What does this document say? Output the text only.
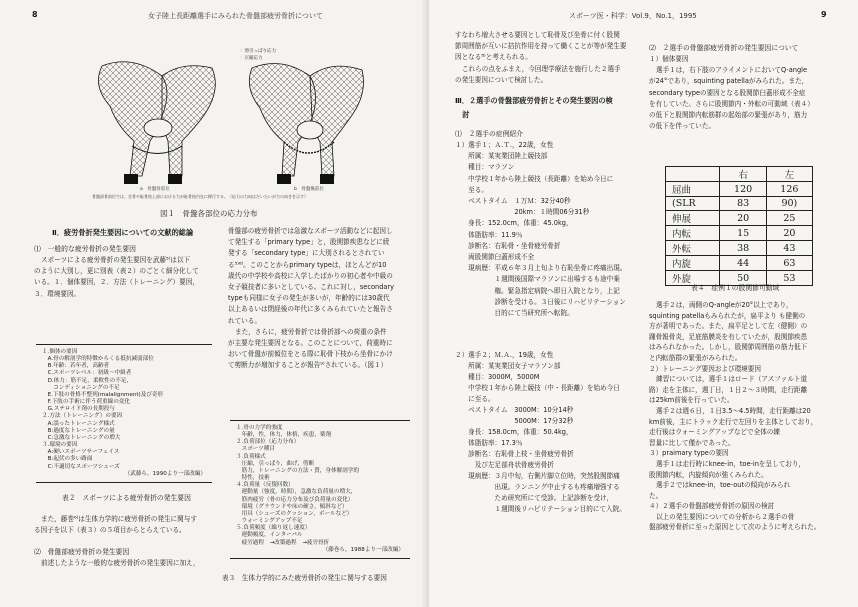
8	女子陸上長距離選手にみられた骨盤部疲労骨折について
：剪引っぱり応力
：圧縮応力
a　骨盤骨前位	b　骨盤後前位
骨盤部骨前位では、坐骨や恥骨枝上部における力が恥骨枝内在に移行する。（応力の力向はだいたいが力の向きを示す）
図１　骨盤各部位の応力分布
Ⅱ．疲労骨折発生要因についての文献的総論
⑴　一般的な疲労骨折の発生要因

スポーツによる疲労骨折の発生要因を武藤⁵⁾は以下

のように大別し，更に別表（表２）のごとく細分化して

いる。１．個体要因，２．方法（トレーニング）要因，

３．環境要因。

１.個体の要因
　A.骨の解剖学的特徴からくる抵抗減弱部位
　B.年齢：若年者，高齢者
　C.スポーツレベル：初級～中級者
　D.体力：筋不足，柔軟性の不足，
　　コンディショニングの不足
　E.下肢の骨格不整列(malalignment)及び奇形
　F.下肢の手術に伴う荷重線の変化
　G.ステロイド剤の長期投与
２.方法（トレーニング）の要因
　A:誤ったトレーニング様式
　B:過度なトレーニングの量
　C:急激なトレーニングの増大
３.環境の要因
　A:硬いスポーツサーフェイス
　B:起伏の多い路面
　C:不適切なスポーツシューズ
（武藤ら，1990より一部改編）
表２　スポーツによる疲労骨折の発生要因

また，藤巻⁶⁾は生体力学的に疲労骨折の発生に関与す

る因子を以下（表３）の５項目からとらえている。

⑵　骨盤部疲労骨折の発生要因

前述したような一般的な疲労骨折の発生要因に加え，

骨盤部の疲労骨折では急激なスポーツ活動などに起因し

て発生する「primary type」と，股関節疾患などに続

発する「secondary type」に大別されるとされてい

る⁵⁾⁶⁾。このことからprimary typeは，ほとんどが10

歳代の中学校や高校に入学したばかりの初心者や中級の

女子競技者に多いとしている。これに対し，secondary

typeも同様に女子の発生が多いが，年齢的には30歳代

以上あるいは閉経後の年代に多くみられていたと報告さ

れている。

また，さらに，疲労骨折では骨折部への荷重の条件

が主要な発生要因となる。このことについて，荷重時に

おいて骨盤が前傾位をとる際に恥骨下枝から坐骨にかけ

て剪断力が増加することが報告⁹⁾されている。（図１）

１.骨の力学的強度
　年齢，性，体力，体格，疾患，薬剤
２.負荷部位（応力分布）
　スポーツ種目
３.負荷様式
　圧縮，引っぱり，曲げ，剪断
　筋力，トレーニングの方法・質，身体解剖学的
　特性，技術
４.負荷量（反復回数）
　運動量（強度，時間），急激な負荷量の増大，
　筋肉疲労（骨の応力分布及び負荷量の変化）
　環境（グラウンドや床の硬さ，傾斜など）
　用具（シューズのクッション，ボールなど）
　ウォーミングアップ不足
５.負荷頻度（繰り返し速度）
　運動頻度，インターバル
　疲労過程　→改築過程　→疲労骨折
（藤巻ら，1988より一部改編）
表３　生体力学的にみた疲労骨折の発生に関与する要因
スポーツ医・科学：Vol.9，No.1，1995	9

すなわち増大させる要因として恥骨及び坐骨に付く股関

節周囲筋が互いに拮抗作用を持って働くことが等が発生要

因となる⁸⁾と考えられる。

これらの点をふまえ，今回理学療法を施行した２選手

の発生要因について検討した。

Ⅲ．２選手の骨盤部疲労骨折とその発生要因の検
　討
⑴　２選手の症例紹介

１）選手１；Ａ.Ｔ.，22歳，女性

　　所属：某実業団陸上競技部

　　種目：マラソン

　　中学校１年から陸上競技（長距離）を始め今日に

　　至る。

　　ベストタイム　１万Ｍ：32分40秒

　　　　　　　　　20km：１時間06分31秒

　　身長：152.0cm，体重：45.0kg，

　　体脂肪率：11.9％

　　診断名：右恥骨・坐骨疲労骨折

　　両股関節臼蓋形成不全

　　現病歴：平成６年３月上旬より右恥坐骨に疼痛出現。

　　　　　　１週間後国際マラソンに出場するも途中棄

　　　　　　権。緊急指定病院へ即日入院となり，上記

　　　　　　診断を受ける。３日後にリハビリテーション

　　　　　　目的にて当研究所へ転院。

２）選手２；Ｍ.Ａ.，19歳，女性

　　所属：某実業団女子マラソン部

　　種目：3000M，5000M

　　中学校１年から陸上競技（中・長距離）を始め今日

　　に至る。

　　ベストタイム　3000M：10分14秒

　　　　　　　　　5000M：17分32秒

　　身長：158.0cm，体重：50.4kg，

　　体脂肪率：17.3％

　　診断名：右恥骨上枝・坐骨疲労骨折

　　　及び左足部舟状骨疲労骨折

　　現病歴：３月中旬，右側片脚立位時，突然股関節痛

　　　　　　出現。ランニング中止するも疼痛増強する

　　　　　　ため研究所にて受診。上記診断を受け，

　　　　　　１週間後リハビリテーション目的にて入院。

⑵　２選手の骨盤部疲労骨折の発生要因について

１）個体要因

選手１は，右下肢のアライメントにおいてQ-angle

が24°であり，squinting patellaがみられた。また，

secondary typeの要因となる股関節臼蓋形成不全症

を有していた。さらに股関節内・外転の可動域（表４）

の低下と股関節内転筋群の起始部の緊張があり，筋力

の低下を伴っていた。

	右	左
屈曲	120	126
(SLR	83	90)
伸展	20	25
内転	15	20
外転	38	43
内旋	44	63
外旋	50	53
表４　症例１の股関節可動域

選手２は，両側のQ-angleが20°以上であり，

squinting patellaもみられたが，扁平より も健側の

方が著明であった。また，扁平足として左（健側）の

踵骨報骨炎，足底筋膜炎を有していたが，股関節疾患

はみられなかった。しかし，股関節周囲筋の筋力低下

と内転筋群の緊張がみられた。

２）トレーニング要因および環境要因

練習については，選手１はロード（アスファルト道

路）走を主体に，週丁日，１日２～３時間，走行距離

は25km前後を行っていた。

選手２は週６日，１日3.5～4.5時間，走行距離は20

km前後，主にトラック走行で左回りを主体としており，

走行後はウォーミングアップなどで全体の練

習量に比して僅かであった。

３）praimary typeの要因

選手１は走行時にknee-in，toe-inを呈しており，

股関節内転，内旋傾向が強くみられた。

選手２ではknee-in，toe-outの傾向がみられ

た。

４）２選手の骨盤部疲労骨折の原因の検討

以上の発生要因についての分析から２選手の骨

盤部疲労骨折に至った原因として次のように考えられた。
